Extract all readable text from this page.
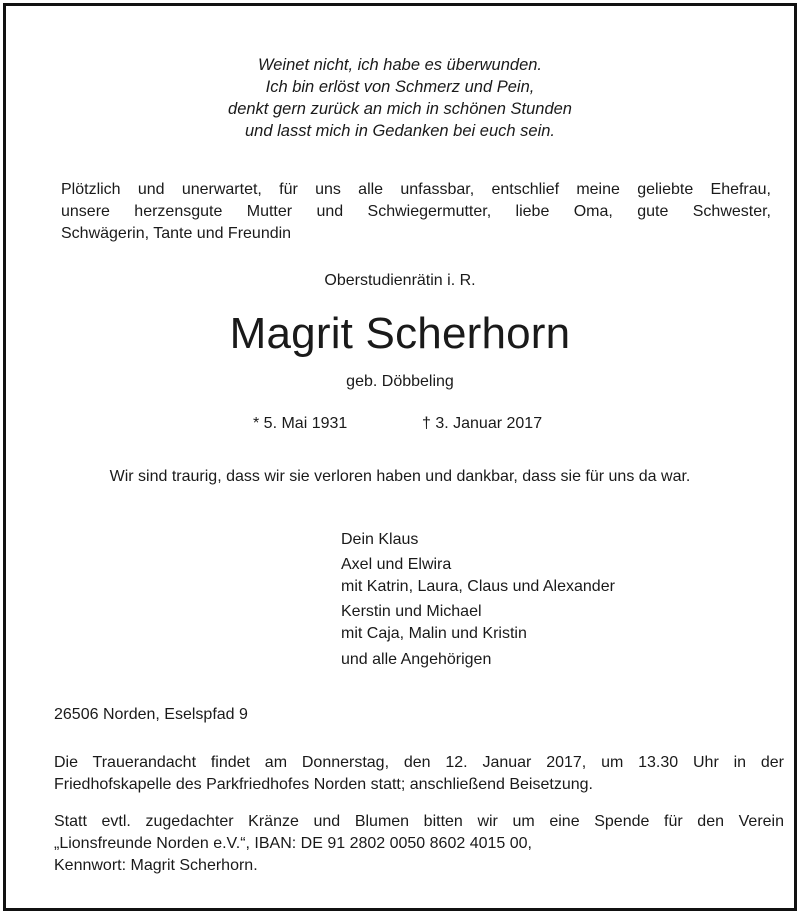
Weinet nicht, ich habe es überwunden.
Ich bin erlöst von Schmerz und Pein,
denkt gern zurück an mich in schönen Stunden
und lasst mich in Gedanken bei euch sein.
Plötzlich und unerwartet, für uns alle unfassbar, entschlief meine geliebte Ehefrau,
unsere herzensgute Mutter und Schwiegermutter, liebe Oma, gute Schwester,
Schwägerin, Tante und Freundin
Oberstudienrätin i. R.
Magrit Scherhorn
geb. Döbbeling
* 5. Mai 1931	† 3. Januar 2017
Wir sind traurig, dass wir sie verloren haben und dankbar, dass sie für uns da war.
Dein Klaus
Axel und Elwira
mit Katrin, Laura, Claus und Alexander
Kerstin und Michael
mit Caja, Malin und Kristin
und alle Angehörigen
26506 Norden, Eselspfad 9
Die Trauerandacht findet am Donnerstag, den 12. Januar 2017, um 13.30 Uhr in der
Friedhofskapelle des Parkfriedhofes Norden statt; anschließend Beisetzung.
Statt evtl. zugedachter Kränze und Blumen bitten wir um eine Spende für den Verein
„Lionsfreunde Norden e.V.“, IBAN: DE 91 2802 0050 8602 4015 00,
Kennwort: Magrit Scherhorn.
